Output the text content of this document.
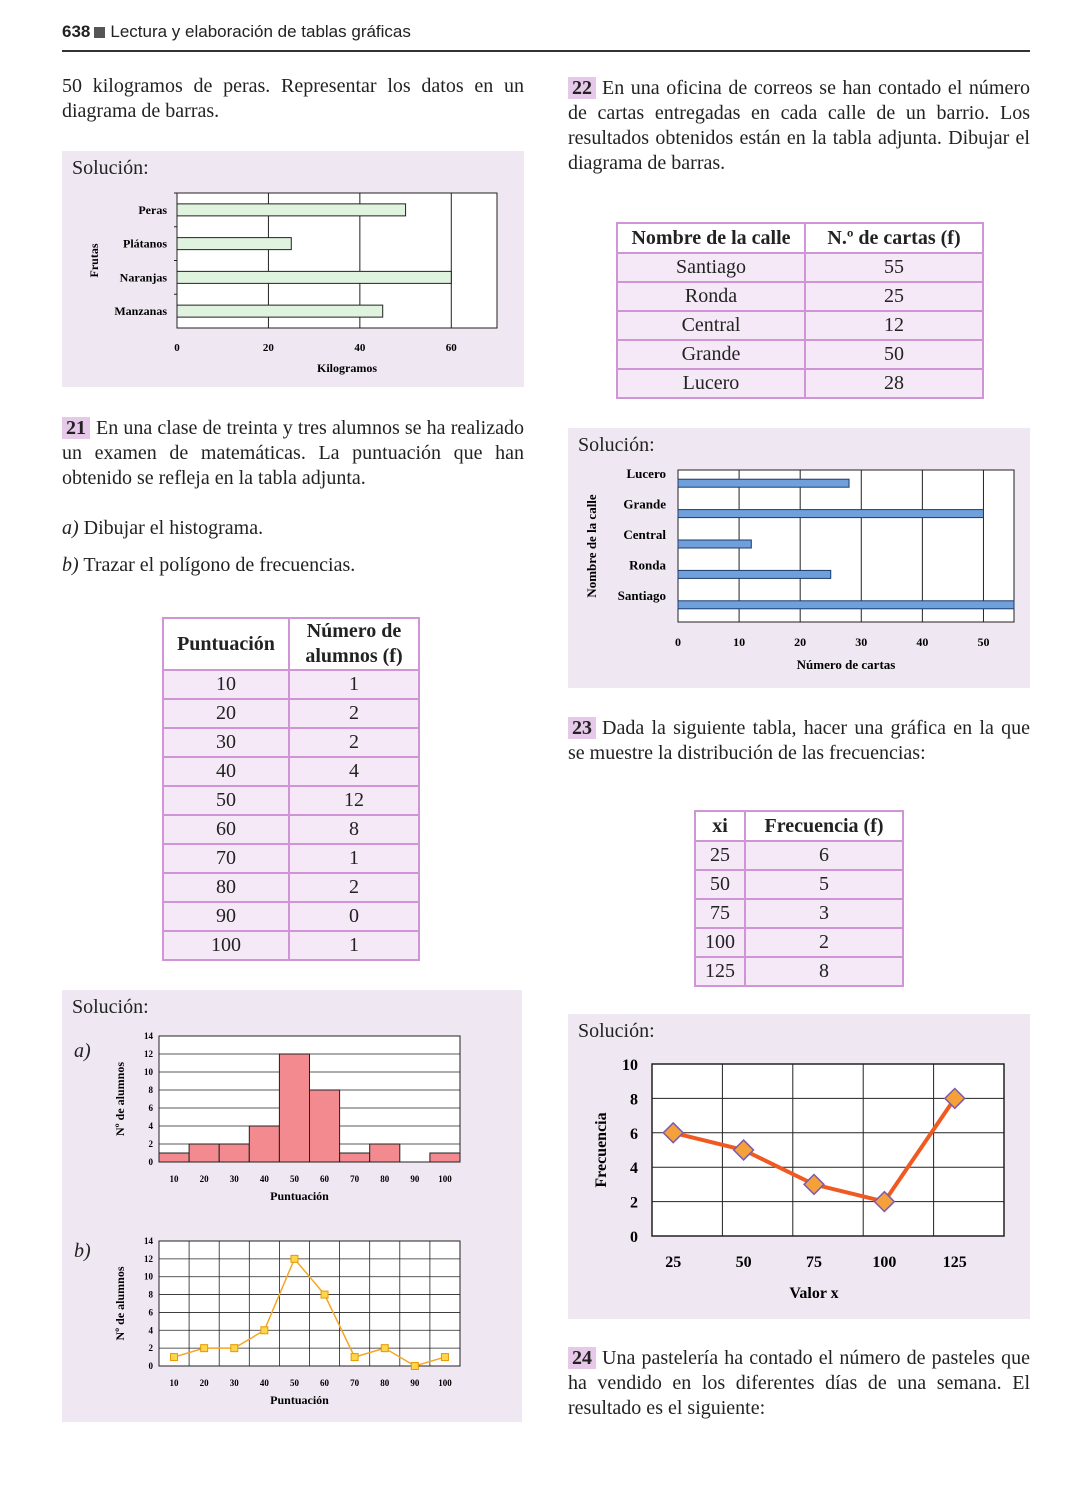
638 Lectura y elaboración de tablas gráficas
50 kilogramos de peras. Representar los datos en un diagrama de barras.
Solución:
0	20	40	60
Peras
Plátanos
Naranjas
Manzanas
Kilogramos
Frutas
21 En una clase de treinta y tres alumnos se ha realizado un examen de matemáticas. La puntuación que han obtenido se refleja en la tabla adjunta.
a) Dibujar el histograma.
b) Trazar el polígono de frecuencias.
Puntuación	Número de alumnos (f)
10	1
20	2
30	2
40	4
50	12
60	8
70	1
80	2
90	0
100	1
Solución:
a)
b)
0
2
4
6
8
10
12
14
Nº de alumnos
Puntuación
10 20 30 40 50 60 70 80 90 100
0
2
4
6
8
10
12
14
Nº de alumnos
Puntuación
10 20 30 40 50 60 70 80 90 100
22 En una oficina de correos se han contado el número de cartas entregadas en cada calle de un barrio. Los resultados obtenidos están en la tabla adjunta. Dibujar el diagrama de barras.
Nombre de la calle	N.º de cartas (f)
Santiago	55
Ronda	25
Central	12
Grande	50
Lucero	28
Solución:
0	10	20	30	40	50
Lucero
Grande
Central
Ronda
Santiago
Número de cartas
Nombre de la calle
23 Dada la siguiente tabla, hacer una gráfica en la que se muestre la distribución de las frecuencias:
xi	Frecuencia (f)
25	6
50	5
75	3
100	2
125	8
Solución:
0
2
4
6
8
10
25	50	75	100	125
Valor x
Frecuencia
24 Una pastelería ha contado el número de pasteles que ha vendido en los diferentes días de una semana. El resultado es el siguiente:
